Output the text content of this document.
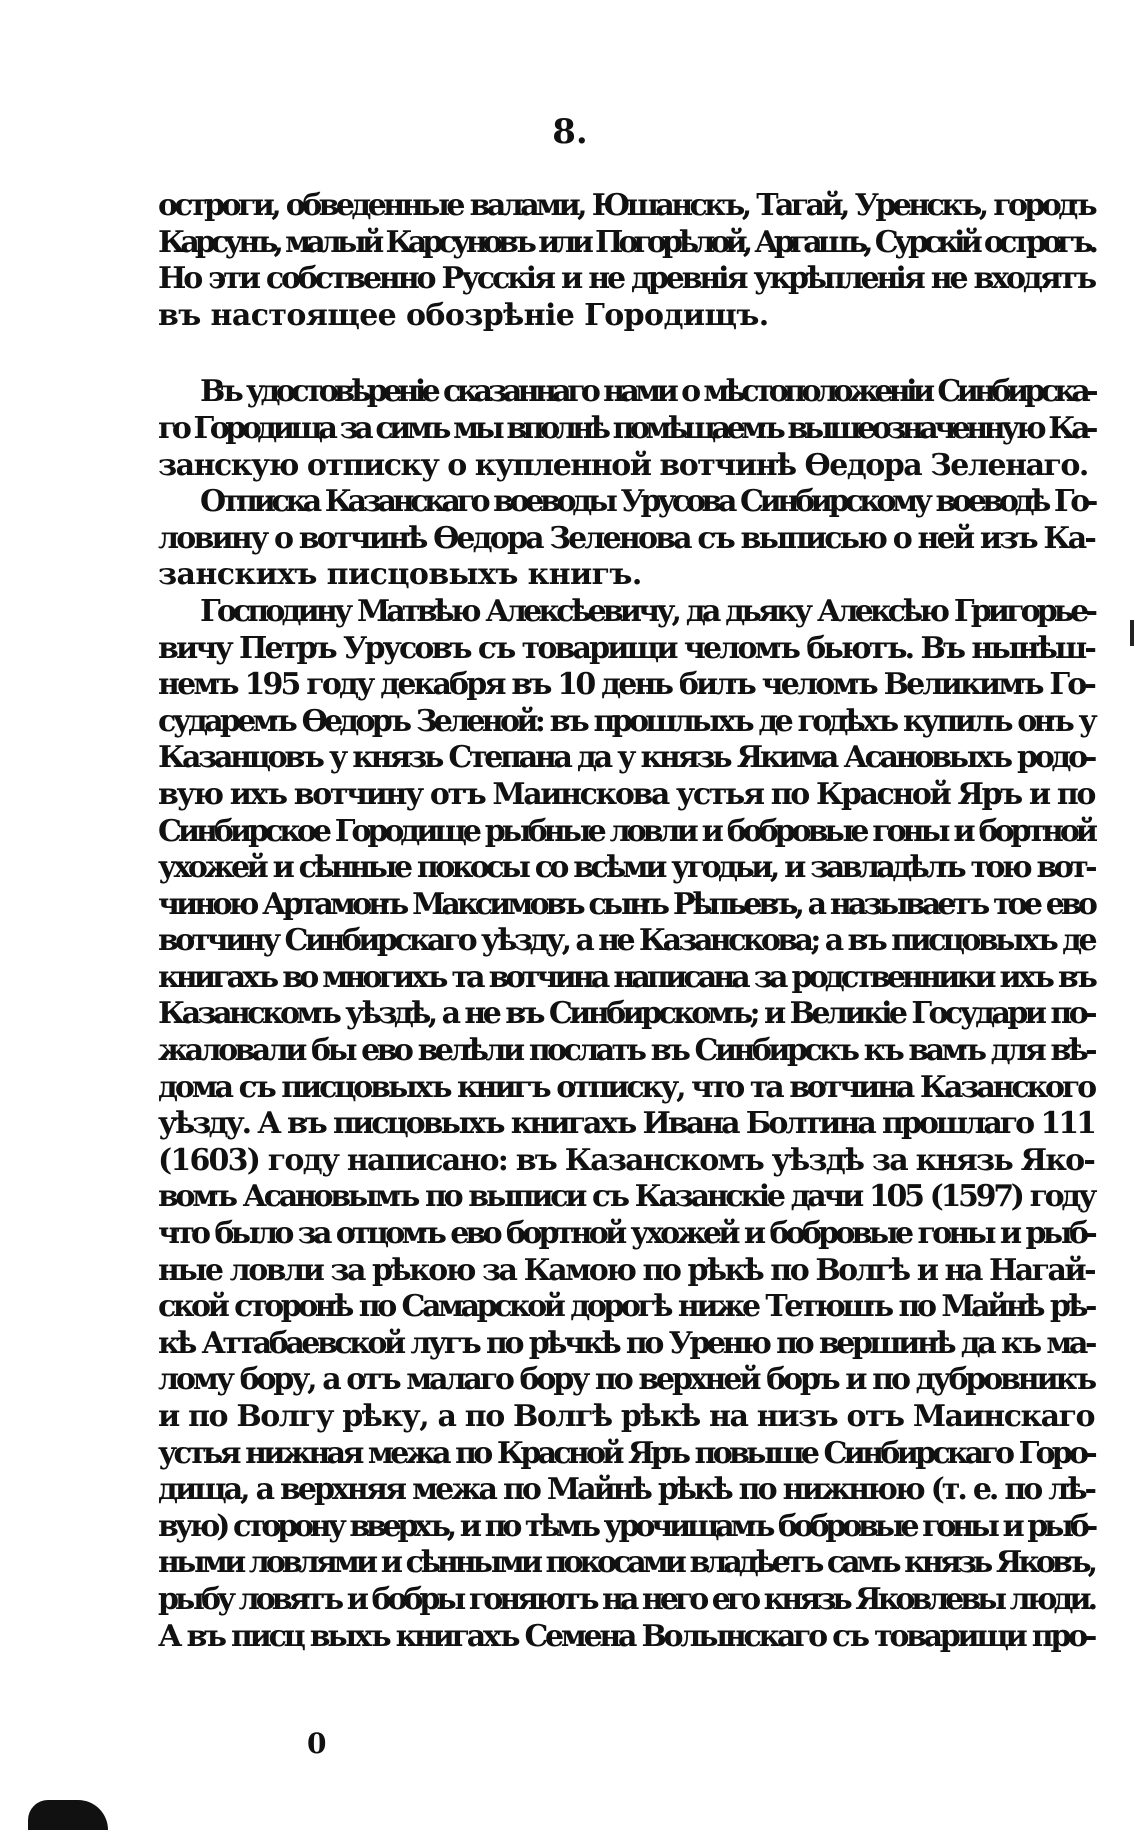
8.
остроги, обведенные валами, Юшанскъ, Тагай, Уренскъ, городъ
Карсунъ, малый Карсуновъ или Погорѣлой, Аргашъ, Сурскій острогъ.
Но эти собственно Русскія и не древнія укрѣпленія не входятъ
въ настоящее обозрѣніе Городищъ.
Въ удостовѣреніе сказаннаго нами о мѣстоположеніи Синбирска-
го Городища за симъ мы вполнѣ помѣщаемъ вышеозначенную Ка-
занскую отписку о купленной вотчинѣ Ѳедора Зеленаго.
Отписка Казанскаго воеводы Урусова Синбирскому воеводѣ Го-
ловину о вотчинѣ Ѳедора Зеленова съ выписью о ней изъ Ка-
занскихъ писцовыхъ книгъ.
Господину Матвѣю Алексѣевичу, да дьяку Алексѣю Григорье-
вичу Петръ Урусовъ съ товарищи челомъ бьютъ. Въ нынѣш-
немъ 195 году декабря въ 10 день билъ челомъ Великимъ Го-
сударемъ Ѳедоръ Зеленой: въ прошлыхъ де годѣхъ купилъ онъ у
Казанцовъ у князь Степана да у князь Якима Асановыхъ родо-
вую ихъ вотчину отъ Маинскова устья по Красной Яръ и по
Синбирское Городище рыбные ловли и бобровые гоны и бортной
ухожей и сѣнные покосы со всѣми угодьи, и завладѣлъ тою вот-
чиною Артамонъ Максимовъ сынъ Рѣпьевъ, а называетъ тое ево
вотчину Синбирскаго уѣзду, а не Казанскова; а въ писцовыхъ де
книгахъ во многихъ та вотчина написана за родственники ихъ въ
Казанскомъ уѣздѣ, а не въ Синбирскомъ; и Великіе Государи по-
жаловали бы ево велѣли послать въ Синбирскъ къ вамъ для вѣ-
дома съ писцовыхъ книгъ отписку, что та вотчина Казанского
уѣзду. А въ писцовыхъ книгахъ Ивана Болтина прошлаго 111
(1603) году написано: въ Казанскомъ уѣздѣ за князь Яко-
вомъ Асановымъ по выписи съ Казанскіе дачи 105 (1597) году
что было за отцомъ ево бортной ухожей и бобровые гоны и рыб-
ные ловли за рѣкою за Камою по рѣкѣ по Волгѣ и на Нагай-
ской сторонѣ по Самарской дорогѣ ниже Тетюшъ по Майнѣ рѣ-
кѣ Аттабаевской лугъ по рѣчкѣ по Уреню по вершинѣ да къ ма-
лому бору, а отъ малаго бору по верхней боръ и по дубровникъ
и по Волгу рѣку, а по Волгѣ рѣкѣ на низъ отъ Маинскаго
устья нижная межа по Красной Яръ повыше Синбирскаго Горо-
дища, а верхняя межа по Майнѣ рѣкѣ по нижнюю (т. е. по лѣ-
вую) сторону вверхъ, и по тѣмъ урочищамъ бобровые гоны и рыб-
ными ловлями и сѣнными покосами владѣетъ самъ князь Яковъ,
рыбу ловятъ и бобры гоняютъ на него его князь Яковлевы люди.
А въ писц выхъ книгахъ Семена Волынскаго съ товарищи про-
0
